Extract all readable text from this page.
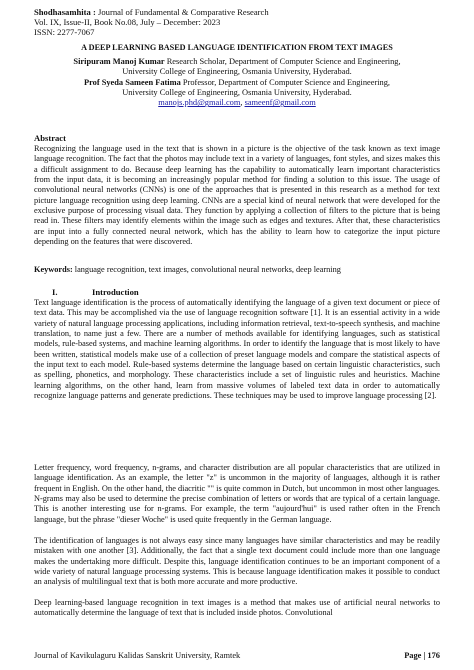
Shodhasamhita : Journal of Fundamental & Comparative Research
Vol. IX, Issue-II, Book No.08, July – December: 2023
ISSN: 2277-7067
A DEEP LEARNING BASED LANGUAGE IDENTIFICATION FROM TEXT IMAGES
Siripuram Manoj Kumar Research Scholar, Department of Computer Science and Engineering,
University College of Engineering, Osmania University, Hyderabad.
Prof Syeda Sameen Fatima Professor, Department of Computer Science and Engineering,
University College of Engineering, Osmania University, Hyderabad.
manojs.phd@gmail.com, sameenf@gmail.com
Abstract
Recognizing the language used in the text that is shown in a picture is the objective of the task known as text image language recognition. The fact that the photos may include text in a variety of languages, font styles, and sizes makes this a difficult assignment to do. Because deep learning has the capability to automatically learn important characteristics from the input data, it is becoming an increasingly popular method for finding a solution to this issue. The usage of convolutional neural networks (CNNs) is one of the approaches that is presented in this research as a method for text picture language recognition using deep learning. CNNs are a special kind of neural network that were developed for the exclusive purpose of processing visual data. They function by applying a collection of filters to the picture that is being read in. These filters may identify elements within the image such as edges and textures. After that, these characteristics are input into a fully connected neural network, which has the ability to learn how to categorize the input picture depending on the features that were discovered.
Keywords: language recognition, text images, convolutional neural networks, deep learning
I.	Introduction
Text language identification is the process of automatically identifying the language of a given text document or piece of text data. This may be accomplished via the use of language recognition software [1]. It is an essential activity in a wide variety of natural language processing applications, including information retrieval, text-to-speech synthesis, and machine translation, to name just a few. There are a number of methods available for identifying languages, such as statistical models, rule-based systems, and machine learning algorithms. In order to identify the language that is most likely to have been written, statistical models make use of a collection of preset language models and compare the statistical aspects of the input text to each model. Rule-based systems determine the language based on certain linguistic characteristics, such as spelling, phonetics, and morphology. These characteristics include a set of linguistic rules and heuristics. Machine learning algorithms, on the other hand, learn from massive volumes of labeled text data in order to automatically recognize language patterns and generate predictions. These techniques may be used to improve language processing [2].
Letter frequency, word frequency, n-grams, and character distribution are all popular characteristics that are utilized in language identification. As an example, the letter "z" is uncommon in the majority of languages, although it is rather frequent in English. On the other hand, the diacritic "" is quite common in Dutch, but uncommon in most other languages. N-grams may also be used to determine the precise combination of letters or words that are typical of a certain language. This is another interesting use for n-grams. For example, the term "aujourd'hui" is used rather often in the French language, but the phrase "dieser Woche" is used quite frequently in the German language.
The identification of languages is not always easy since many languages have similar characteristics and may be readily mistaken with one another [3]. Additionally, the fact that a single text document could include more than one language makes the undertaking more difficult. Despite this, language identification continues to be an important component of a wide variety of natural language processing systems. This is because language identification makes it possible to conduct an analysis of multilingual text that is both more accurate and more productive.
Deep learning-based language recognition in text images is a method that makes use of artificial neural networks to automatically determine the language of text that is included inside photos. Convolutional
Journal of Kavikulaguru Kalidas Sanskrit University, Ramtek	Page | 176
